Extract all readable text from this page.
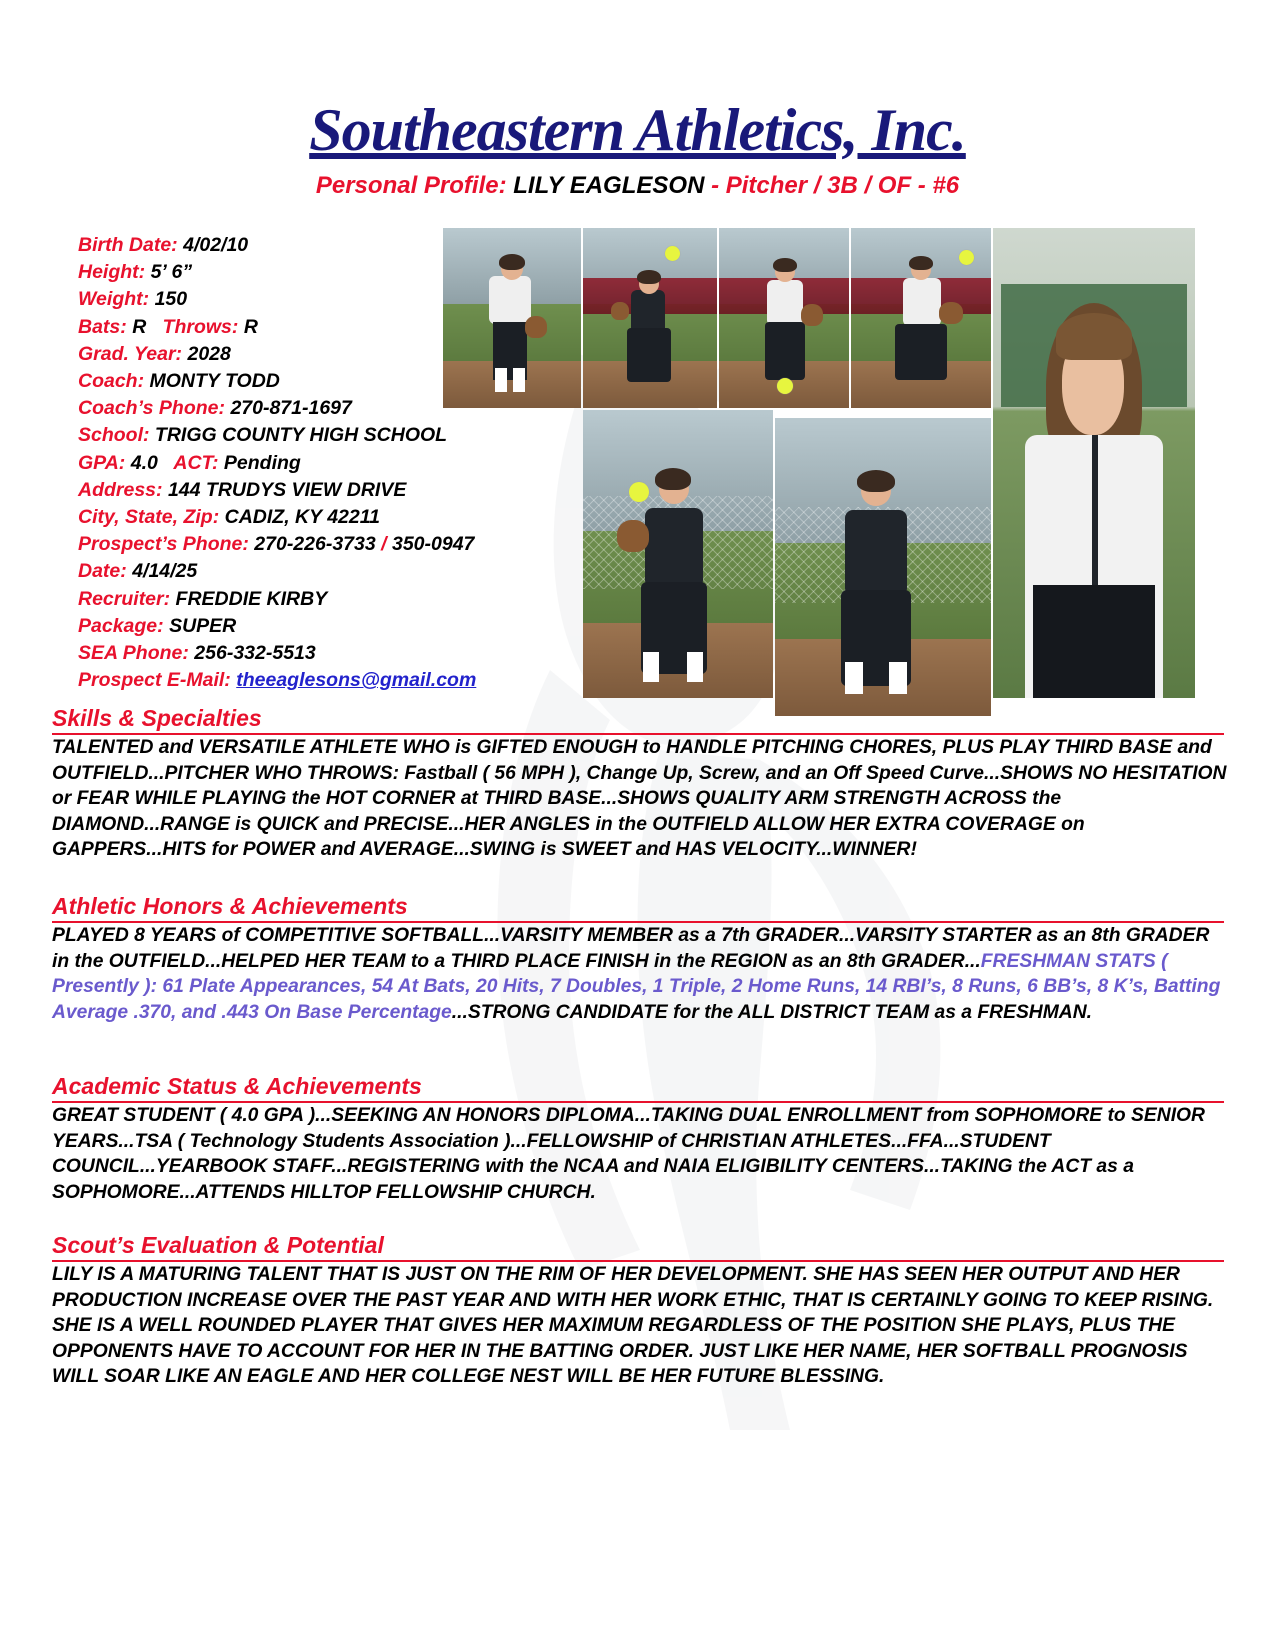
Southeastern Athletics, Inc.
Personal Profile: LILY EAGLESON - Pitcher / 3B / OF - #6
Birth Date: 4/02/10
Height: 5’ 6”
Weight: 150
Bats: R Throws: R
Grad. Year: 2028
Coach: MONTY TODD
Coach’s Phone: 270-871-1697
School: TRIGG COUNTY HIGH SCHOOL
GPA: 4.0 ACT: Pending
Address: 144 TRUDYS VIEW DRIVE
City, State, Zip: CADIZ, KY 42211
Prospect’s Phone: 270-226-3733 / 350-0947
Date: 4/14/25
Recruiter: FREDDIE KIRBY
Package: SUPER
SEA Phone: 256-332-5513
Prospect E-Mail: theeaglesons@gmail.com
Skills & Specialties
TALENTED and VERSATILE ATHLETE WHO is GIFTED ENOUGH to HANDLE PITCHING CHORES, PLUS PLAY THIRD BASE and OUTFIELD...PITCHER WHO THROWS: Fastball ( 56 MPH ), Change Up, Screw, and an Off Speed Curve...SHOWS NO HESITATION or FEAR WHILE PLAYING the HOT CORNER at THIRD BASE...SHOWS QUALITY ARM STRENGTH ACROSS the DIAMOND...RANGE is QUICK and PRECISE...HER ANGLES in the OUTFIELD ALLOW HER EXTRA COVERAGE on GAPPERS...HITS for POWER and AVERAGE...SWING is SWEET and HAS VELOCITY...WINNER!
Athletic Honors & Achievements
PLAYED 8 YEARS of COMPETITIVE SOFTBALL...VARSITY MEMBER as a 7th GRADER...VARSITY STARTER as an 8th GRADER in the OUTFIELD...HELPED HER TEAM to a THIRD PLACE FINISH in the REGION as an 8th GRADER...FRESHMAN STATS ( Presently ): 61 Plate Appearances, 54 At Bats, 20 Hits, 7 Doubles, 1 Triple, 2 Home Runs, 14 RBI’s, 8 Runs, 6 BB’s, 8 K’s, Batting Average .370, and .443 On Base Percentage...STRONG CANDIDATE for the ALL DISTRICT TEAM as a FRESHMAN.
Academic Status & Achievements
GREAT STUDENT ( 4.0 GPA )...SEEKING AN HONORS DIPLOMA...TAKING DUAL ENROLLMENT from SOPHOMORE to SENIOR YEARS...TSA ( Technology Students Association )...FELLOWSHIP of CHRISTIAN ATHLETES...FFA...STUDENT COUNCIL...YEARBOOK STAFF...REGISTERING with the NCAA and NAIA ELIGIBILITY CENTERS...TAKING the ACT as a SOPHOMORE...ATTENDS HILLTOP FELLOWSHIP CHURCH.
Scout’s Evaluation & Potential
LILY IS A MATURING TALENT THAT IS JUST ON THE RIM OF HER DEVELOPMENT. SHE HAS SEEN HER OUTPUT AND HER PRODUCTION INCREASE OVER THE PAST YEAR AND WITH HER WORK ETHIC, THAT IS CERTAINLY GOING TO KEEP RISING. SHE IS A WELL ROUNDED PLAYER THAT GIVES HER MAXIMUM REGARDLESS OF THE POSITION SHE PLAYS, PLUS THE OPPONENTS HAVE TO ACCOUNT FOR HER IN THE BATTING ORDER. JUST LIKE HER NAME, HER SOFTBALL PROGNOSIS WILL SOAR LIKE AN EAGLE AND HER COLLEGE NEST WILL BE HER FUTURE BLESSING.
